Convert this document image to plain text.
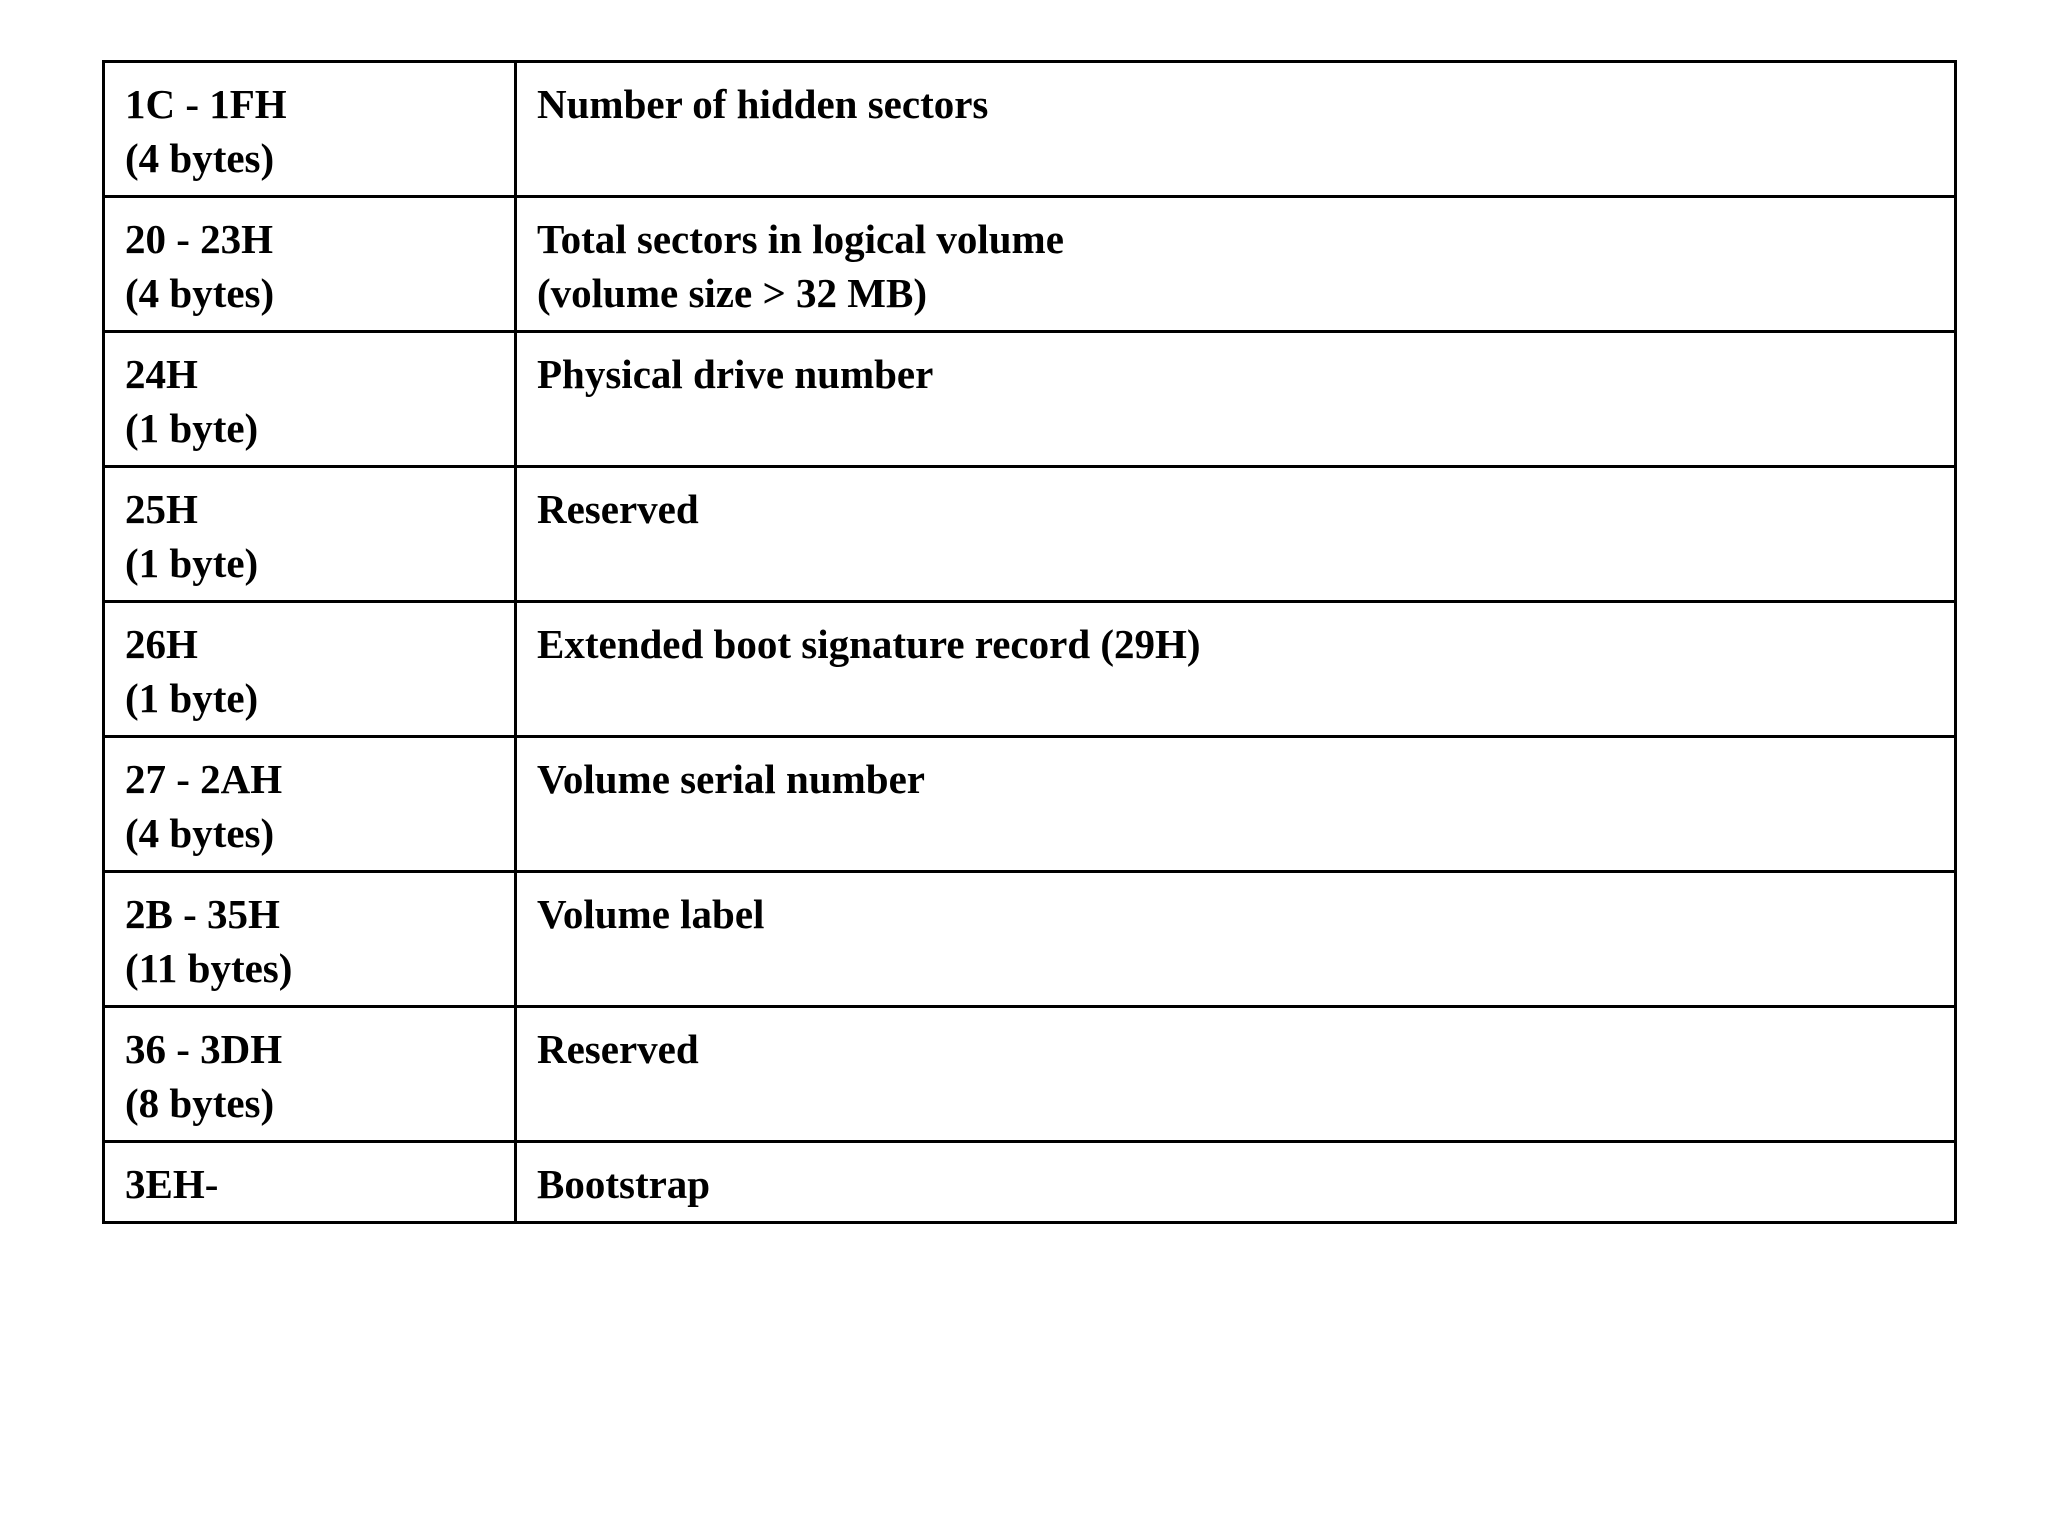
1C - 1FH
(4 bytes)	Number of hidden sectors

20 - 23H
(4 bytes)	Total sectors in logical volume
(volume size > 32 MB)

24H
(1 byte)	Physical drive number

25H
(1 byte)	Reserved

26H
(1 byte)	Extended boot signature record (29H)

27 - 2AH
(4 bytes)	Volume serial number

2B - 35H
(11 bytes)	Volume label

36 - 3DH
(8 bytes)	Reserved

3EH-	Bootstrap
